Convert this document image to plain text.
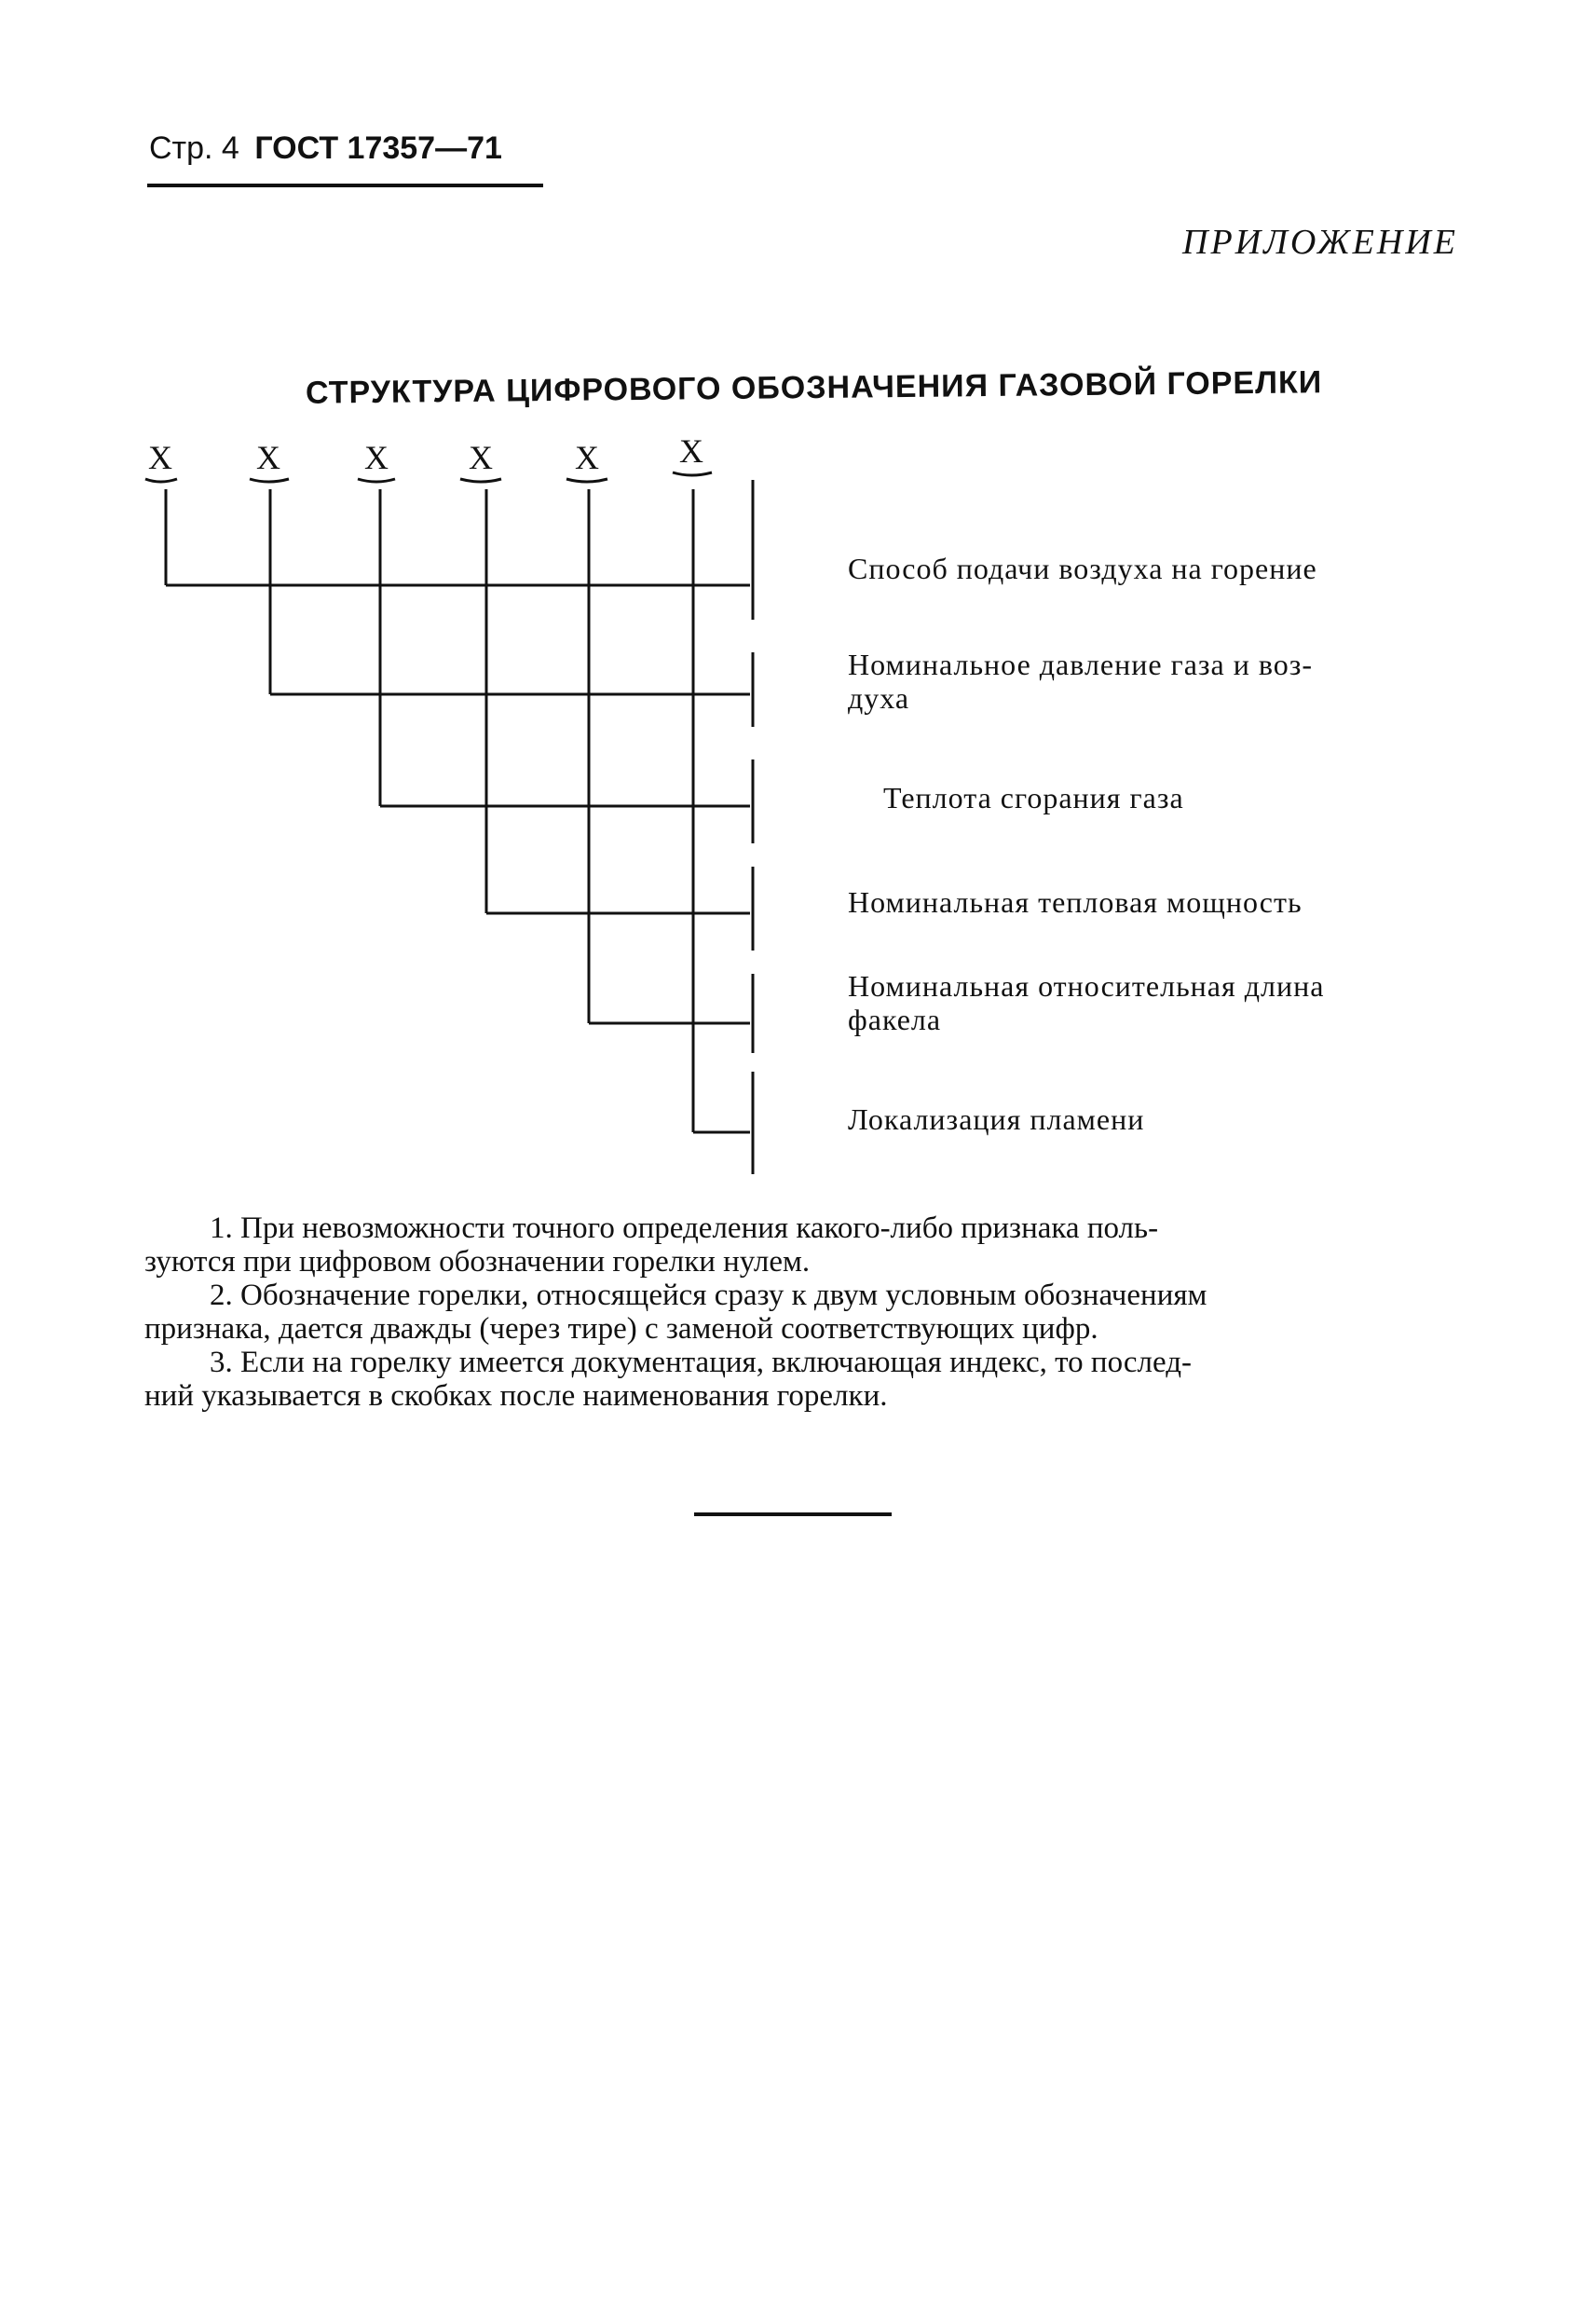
Стр. 4 ГОСТ 17357—71
ПРИЛОЖЕНИЕ
СТРУКТУРА ЦИФРОВОГО ОБОЗНАЧЕНИЯ ГАЗОВОЙ ГОРЕЛКИ
X	X	X X X X
Способ подачи воздуха на горение
Номинальное давление газа и воз-
духа
Теплота сгорания газа
Номинальная тепловая мощность
Номинальная относительная длина
факела
Локализация пламени

1. При невозможности точного определения какого-либо признака поль-
зуются при цифровом обозначении горелки нулем.

2. Обозначение горелки, относящейся сразу к двум условным обозначениям
признака, дается дважды (через тире) с заменой соответствующих цифр.

3. Если на горелку имеется документация, включающая индекс, то послед-
ний указывается в скобках после наименования горелки.
